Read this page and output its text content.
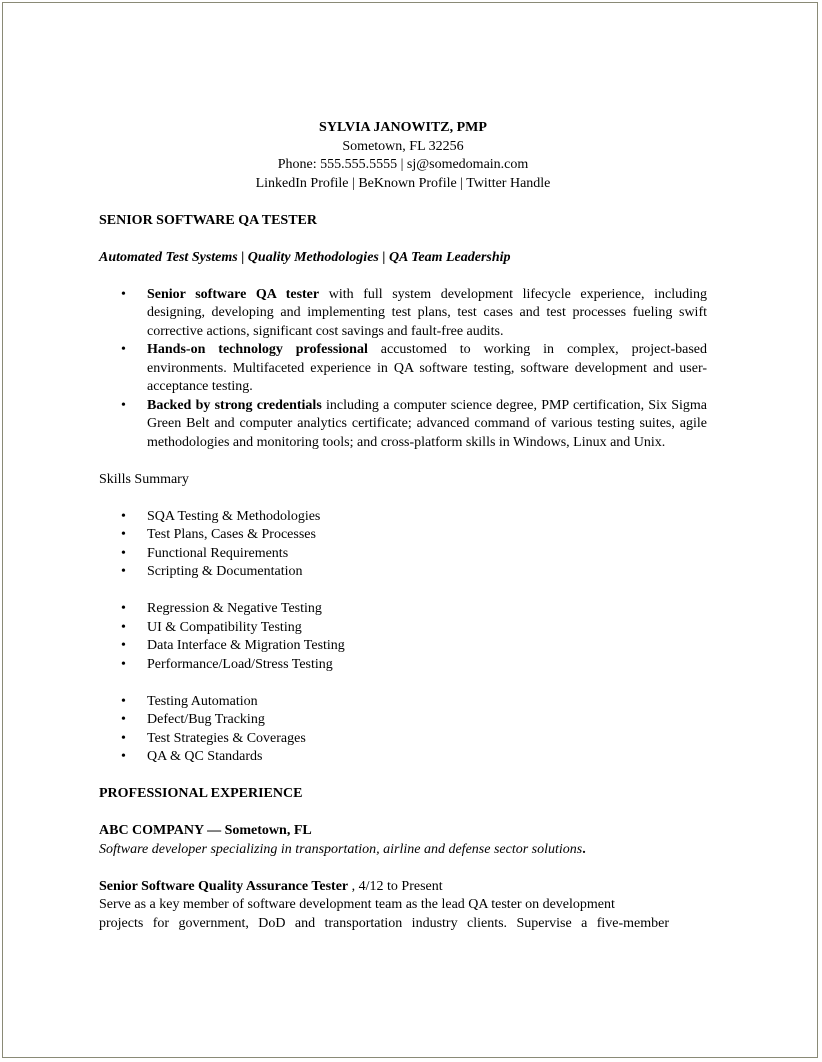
SYLVIA JANOWITZ, PMP
Sometown, FL 32256
Phone: 555.555.5555 | sj@somedomain.com
LinkedIn Profile | BeKnown Profile | Twitter Handle
SENIOR SOFTWARE QA TESTER
Automated Test Systems | Quality Methodologies | QA Team Leadership
• Senior software QA tester with full system development lifecycle experience, including designing, developing and implementing test plans, test cases and test processes fueling swift corrective actions, significant cost savings and fault-free audits.
• Hands-on technology professional accustomed to working in complex, project-based environments. Multifaceted experience in QA software testing, software development and user-acceptance testing.
• Backed by strong credentials including a computer science degree, PMP certification, Six Sigma Green Belt and computer analytics certificate; advanced command of various testing suites, agile methodologies and monitoring tools; and cross-platform skills in Windows, Linux and Unix.
Skills Summary
• SQA Testing & Methodologies
• Test Plans, Cases & Processes
• Functional Requirements
• Scripting & Documentation
• Regression & Negative Testing
• UI & Compatibility Testing
• Data Interface & Migration Testing
• Performance/Load/Stress Testing
• Testing Automation
• Defect/Bug Tracking
• Test Strategies & Coverages
• QA & QC Standards
PROFESSIONAL EXPERIENCE
ABC COMPANY — Sometown, FL
Software developer specializing in transportation, airline and defense sector solutions.
Senior Software Quality Assurance Tester , 4/12 to Present
Serve as a key member of software development team as the lead QA tester on development
projects for government, DoD and transportation industry clients. Supervise a five-member
